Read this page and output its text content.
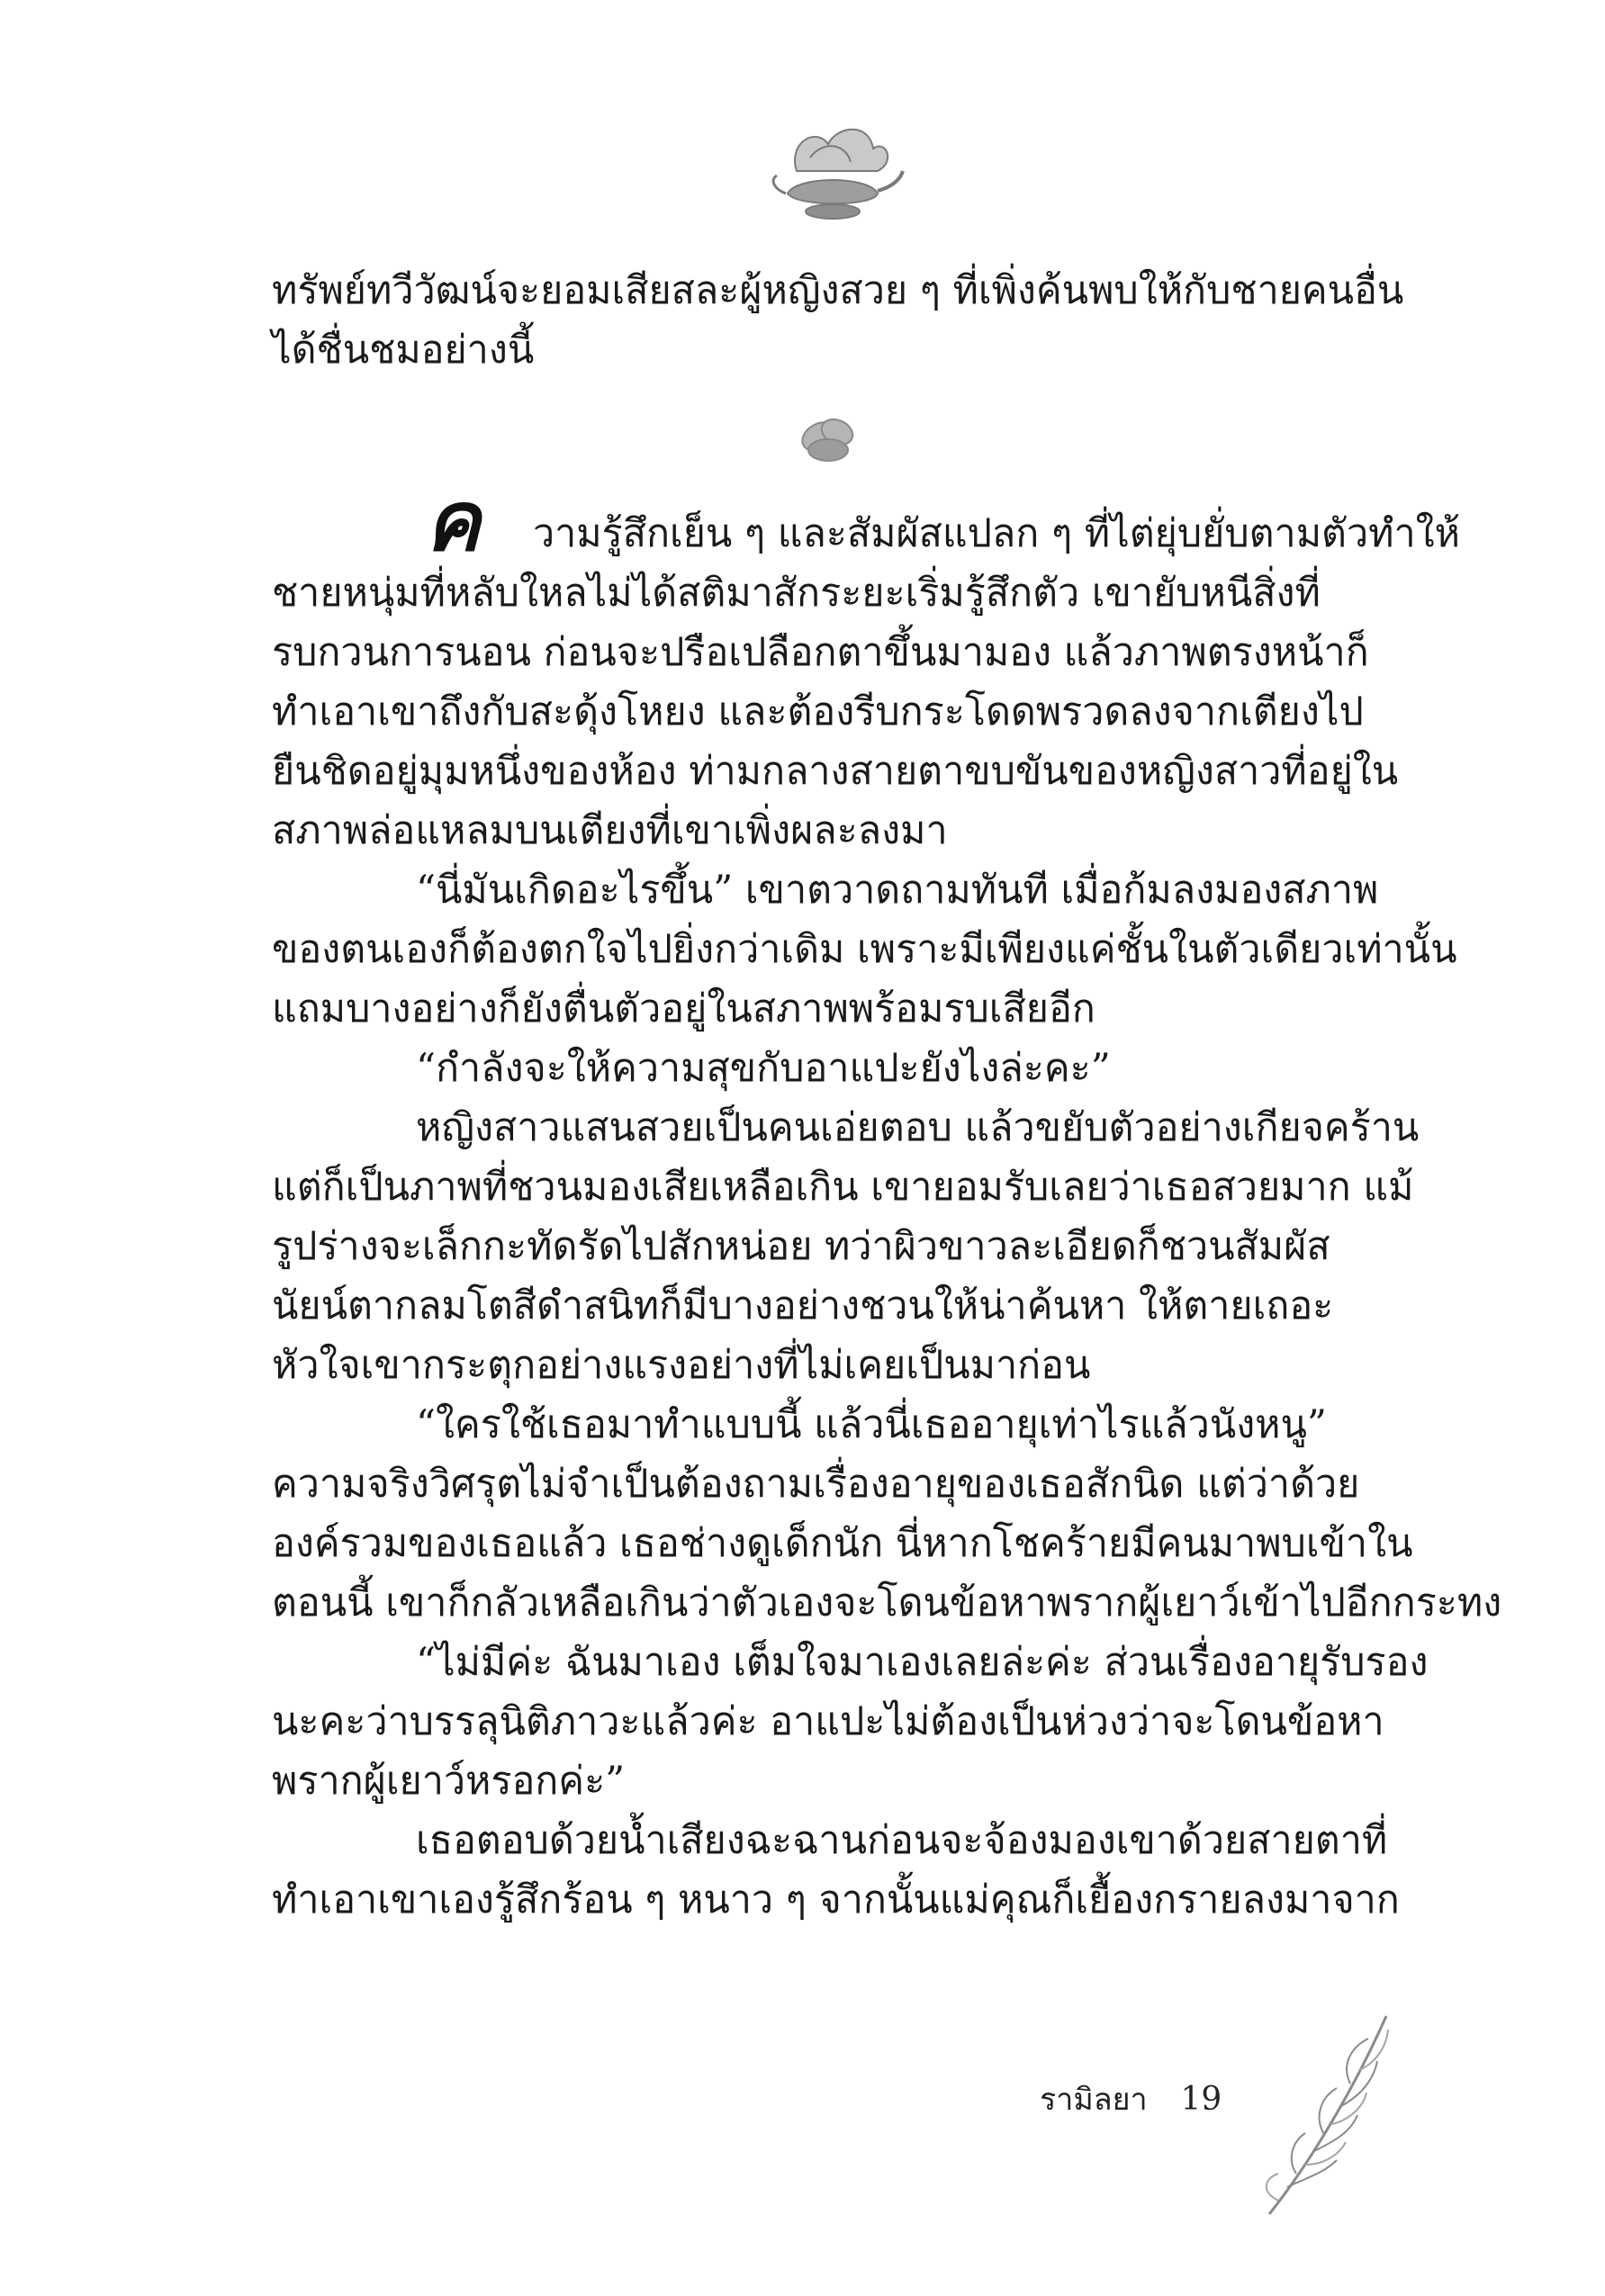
ทรัพย์ทวีวัฒน์จะยอมเสียสละผู้หญิงสวย ๆ ที่เพิ่งค้นพบให้กับชายคนอื่น
ได้ชื่นชมอย่างนี้
ค วามรู้สึกเย็น ๆ และสัมผัสแปลก ๆ ที่ไต่ยุ่บยั่บตามตัวทำให้
ชายหนุ่มที่หลับใหลไม่ได้สติมาสักระยะเริ่มรู้สึกตัว เขายับหนีสิ่งที่
รบกวนการนอน ก่อนจะปรือเปลือกตาขึ้นมามอง แล้วภาพตรงหน้าก็
ทำเอาเขาถึงกับสะดุ้งโหยง และต้องรีบกระโดดพรวดลงจากเตียงไป
ยืนชิดอยู่มุมหนึ่งของห้อง ท่ามกลางสายตาขบขันของหญิงสาวที่อยู่ใน
สภาพล่อแหลมบนเตียงที่เขาเพิ่งผละลงมา
“นี่มันเกิดอะไรขึ้น” เขาตวาดถามทันที เมื่อก้มลงมองสภาพ
ของตนเองก็ต้องตกใจไปยิ่งกว่าเดิม เพราะมีเพียงแค่ชั้นในตัวเดียวเท่านั้น
แถมบางอย่างก็ยังตื่นตัวอยู่ในสภาพพร้อมรบเสียอีก
“กำลังจะให้ความสุขกับอาแปะยังไงล่ะคะ”
หญิงสาวแสนสวยเป็นคนเอ่ยตอบ แล้วขยับตัวอย่างเกียจคร้าน
แต่ก็เป็นภาพที่ชวนมองเสียเหลือเกิน เขายอมรับเลยว่าเธอสวยมาก แม้
รูปร่างจะเล็กกะทัดรัดไปสักหน่อย ทว่าผิวขาวละเอียดก็ชวนสัมผัส
นัยน์ตากลมโตสีดำสนิทก็มีบางอย่างชวนให้น่าค้นหา ให้ตายเถอะ
หัวใจเขากระตุกอย่างแรงอย่างที่ไม่เคยเป็นมาก่อน
“ใครใช้เธอมาทำแบบนี้ แล้วนี่เธออายุเท่าไรแล้วนังหนู”
ความจริงวิศรุตไม่จำเป็นต้องถามเรื่องอายุของเธอสักนิด แต่ว่าด้วย
องค์รวมของเธอแล้ว เธอช่างดูเด็กนัก นี่หากโชคร้ายมีคนมาพบเข้าใน
ตอนนี้ เขาก็กลัวเหลือเกินว่าตัวเองจะโดนข้อหาพรากผู้เยาว์เข้าไปอีกกระทง
“ไม่มีค่ะ ฉันมาเอง เต็มใจมาเองเลยล่ะค่ะ ส่วนเรื่องอายุรับรอง
นะคะว่าบรรลุนิติภาวะแล้วค่ะ อาแปะไม่ต้องเป็นห่วงว่าจะโดนข้อหา
พรากผู้เยาว์หรอกค่ะ”
เธอตอบด้วยน้ำเสียงฉะฉานก่อนจะจ้องมองเขาด้วยสายตาที่
ทำเอาเขาเองรู้สึกร้อน ๆ หนาว ๆ จากนั้นแม่คุณก็เยื้องกรายลงมาจาก
รามิลยา 19
